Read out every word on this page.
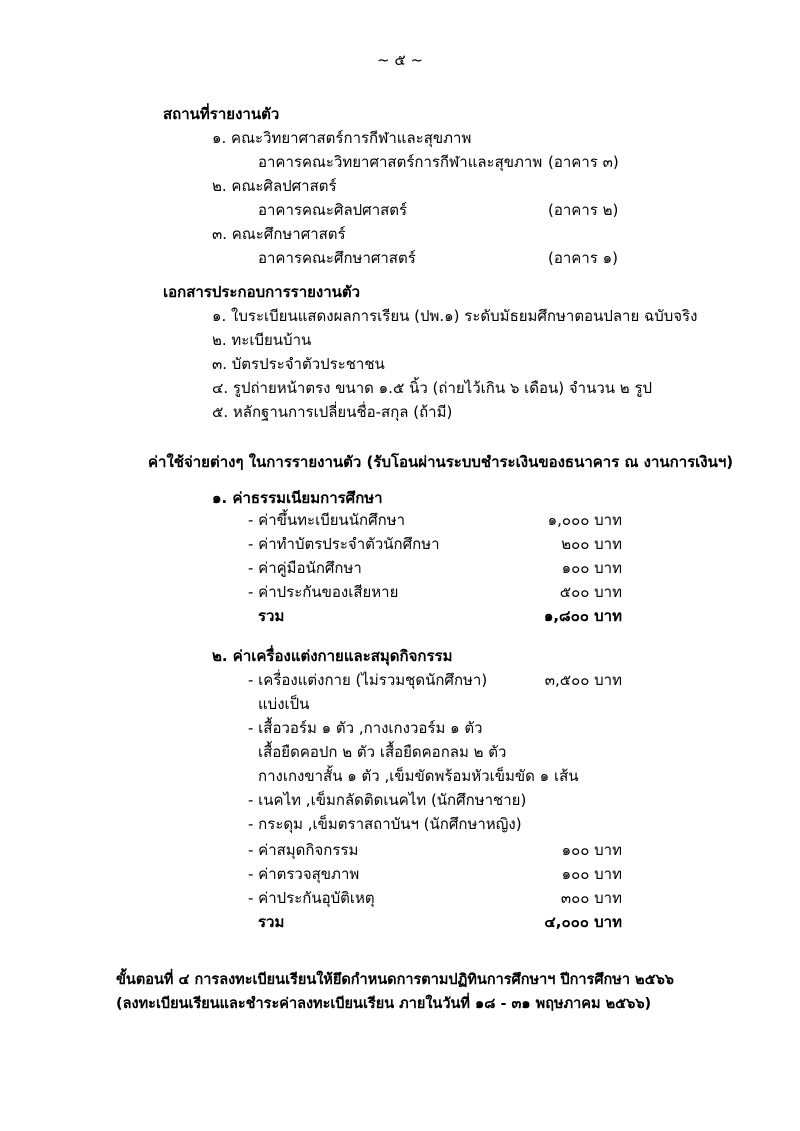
~ ๕ ~
สถานที่รายงานตัว
๑. คณะวิทยาศาสตร์การกีฬาและสุขภาพ
อาคารคณะวิทยาศาสตร์การกีฬาและสุขภาพ (อาคาร ๓)
๒. คณะศิลปศาสตร์
อาคารคณะศิลปศาสตร์	(อาคาร ๒)
๓. คณะศึกษาศาสตร์
อาคารคณะศึกษาศาสตร์	(อาคาร ๑)
เอกสารประกอบการรายงานตัว
๑. ใบระเบียนแสดงผลการเรียน (ปพ.๑) ระดับมัธยมศึกษาตอนปลาย ฉบับจริง
๒. ทะเบียนบ้าน
๓. บัตรประจำตัวประชาชน
๔. รูปถ่ายหน้าตรง ขนาด ๑.๕ นิ้ว (ถ่ายไว้เกิน ๖ เดือน) จำนวน ๒ รูป
๕. หลักฐานการเปลี่ยนชื่อ-สกุล (ถ้ามี)
ค่าใช้จ่ายต่างๆ ในการรายงานตัว (รับโอนผ่านระบบชำระเงินของธนาคาร ณ งานการเงินฯ)
๑. ค่าธรรมเนียมการศึกษา
- ค่าขึ้นทะเบียนนักศึกษา	๑,๐๐๐ บาท
- ค่าทำบัตรประจำตัวนักศึกษา	๒๐๐ บาท
- ค่าคู่มือนักศึกษา	๑๐๐ บาท
- ค่าประกันของเสียหาย	๕๐๐ บาท
รวม	๑,๘๐๐ บาท
๒. ค่าเครื่องแต่งกายและสมุดกิจกรรม
- เครื่องแต่งกาย (ไม่รวมชุดนักศึกษา)	๓,๕๐๐ บาท
แบ่งเป็น
- เสื้อวอร์ม ๑ ตัว ,กางเกงวอร์ม ๑ ตัว
เสื้อยืดคอปก ๒ ตัว เสื้อยืดคอกลม ๒ ตัว
กางเกงขาสั้น ๑ ตัว ,เข็มขัดพร้อมหัวเข็มขัด ๑ เส้น
- เนคไท ,เข็มกลัดติดเนคไท (นักศึกษาชาย)
- กระดุม ,เข็มตราสถาบันฯ (นักศึกษาหญิง)
- ค่าสมุดกิจกรรม	๑๐๐ บาท
- ค่าตรวจสุขภาพ	๑๐๐ บาท
- ค่าประกันอุบัติเหตุ	๓๐๐ บาท
รวม	๔,๐๐๐ บาท
ขั้นตอนที่ ๔ การลงทะเบียนเรียนให้ยึดกำหนดการตามปฏิทินการศึกษาฯ ปีการศึกษา ๒๕๖๖
(ลงทะเบียนเรียนและชำระค่าลงทะเบียนเรียน ภายในวันที่ ๑๘ - ๓๑ พฤษภาคม ๒๕๖๖)
